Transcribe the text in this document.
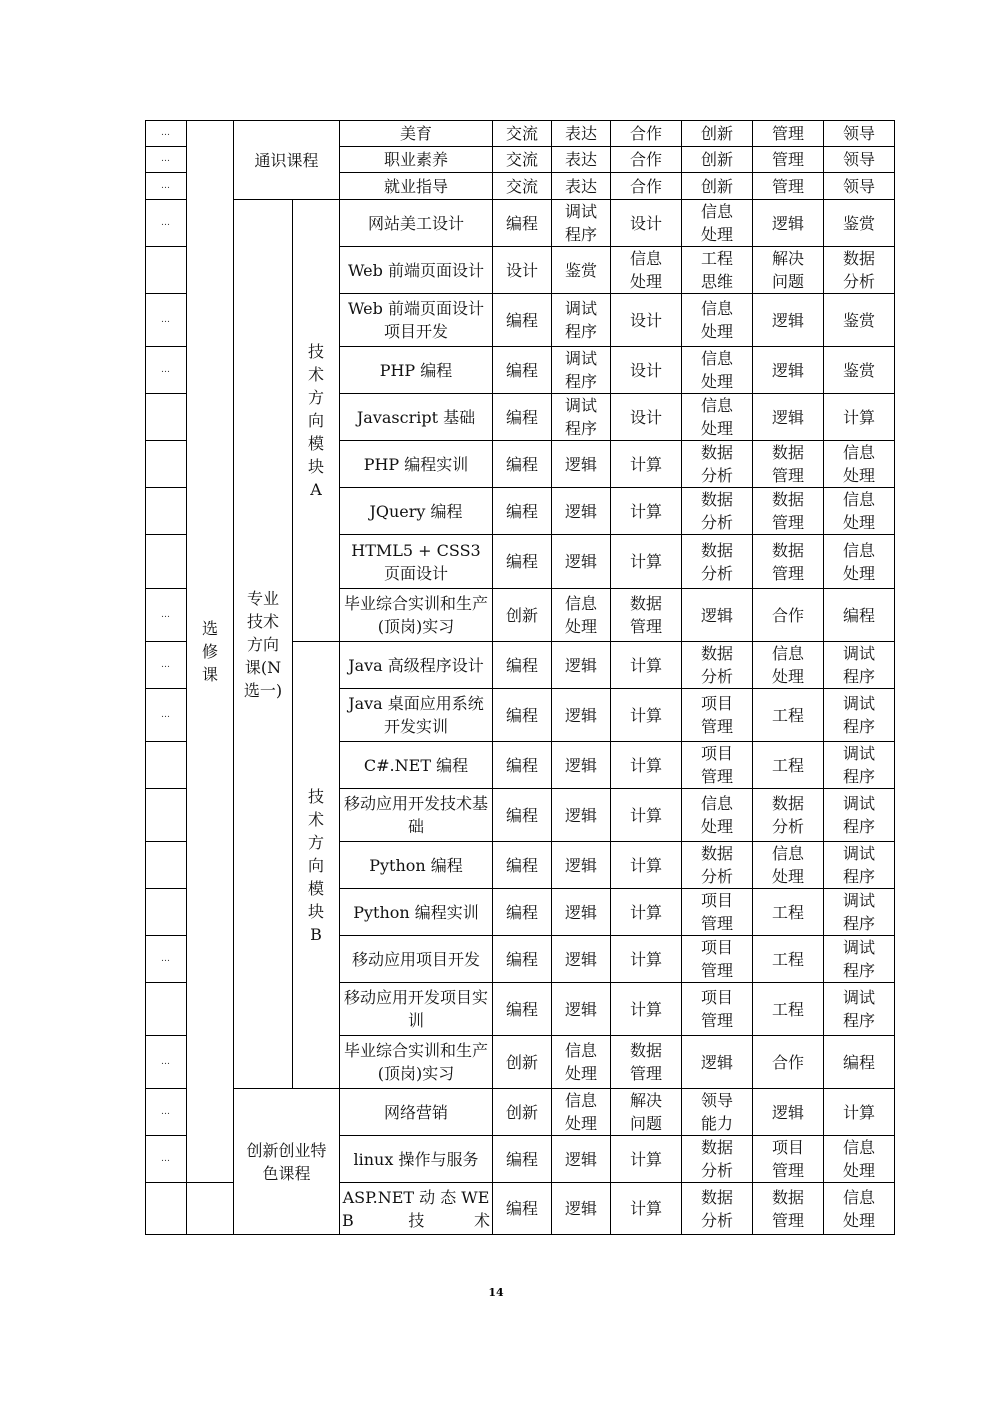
…	选修课	通识课程		美育	交流	表达	合作	创新	管理	领导
…				职业素养	交流	表达	合作	创新	管理	领导
…				就业指导	交流	表达	合作	创新	管理	领导
…		专业技术方向课(N选一)	技术方向模块A	网站美工设计	编程	调试程序	设计	信息处理	逻辑	鉴赏
				Web 前端页面设计	设计	鉴赏	信息处理	工程思维	解决问题	数据分析
…				Web 前端页面设计项目开发	编程	调试程序	设计	信息处理	逻辑	鉴赏
…				PHP 编程	编程	调试程序	设计	信息处理	逻辑	鉴赏
				Javascript 基础	编程	调试程序	设计	信息处理	逻辑	计算
				PHP 编程实训	编程	逻辑	计算	数据分析	数据管理	信息处理
				JQuery 编程	编程	逻辑	计算	数据分析	数据管理	信息处理
				HTML5 + CSS3 页面设计	编程	逻辑	计算	数据分析	数据管理	信息处理
…				毕业综合实训和生产(顶岗)实习	创新	信息处理	数据管理	逻辑	合作	编程
…			技术方向模块B	Java 高级程序设计	编程	逻辑	计算	数据分析	信息处理	调试程序
…				Java 桌面应用系统开发实训	编程	逻辑	计算	项目管理	工程	调试程序
				C#.NET 编程	编程	逻辑	计算	项目管理	工程	调试程序
				移动应用开发技术基础	编程	逻辑	计算	信息处理	数据分析	调试程序
				Python 编程	编程	逻辑	计算	数据分析	信息处理	调试程序
				Python 编程实训	编程	逻辑	计算	项目管理	工程	调试程序
…				移动应用项目开发	编程	逻辑	计算	项目管理	工程	调试程序
				移动应用开发项目实训	编程	逻辑	计算	项目管理	工程	调试程序
…				毕业综合实训和生产(顶岗)实习	创新	信息处理	数据管理	逻辑	合作	编程
…		创新创业特色课程		网络营销	创新	信息处理	解决问题	领导能力	逻辑	计算
…				linux 操作与服务	编程	逻辑	计算	数据分析	项目管理	信息处理
				ASP.NET 动 态 WEB 技术	编程	逻辑	计算	数据分析	数据管理	信息处理
14
